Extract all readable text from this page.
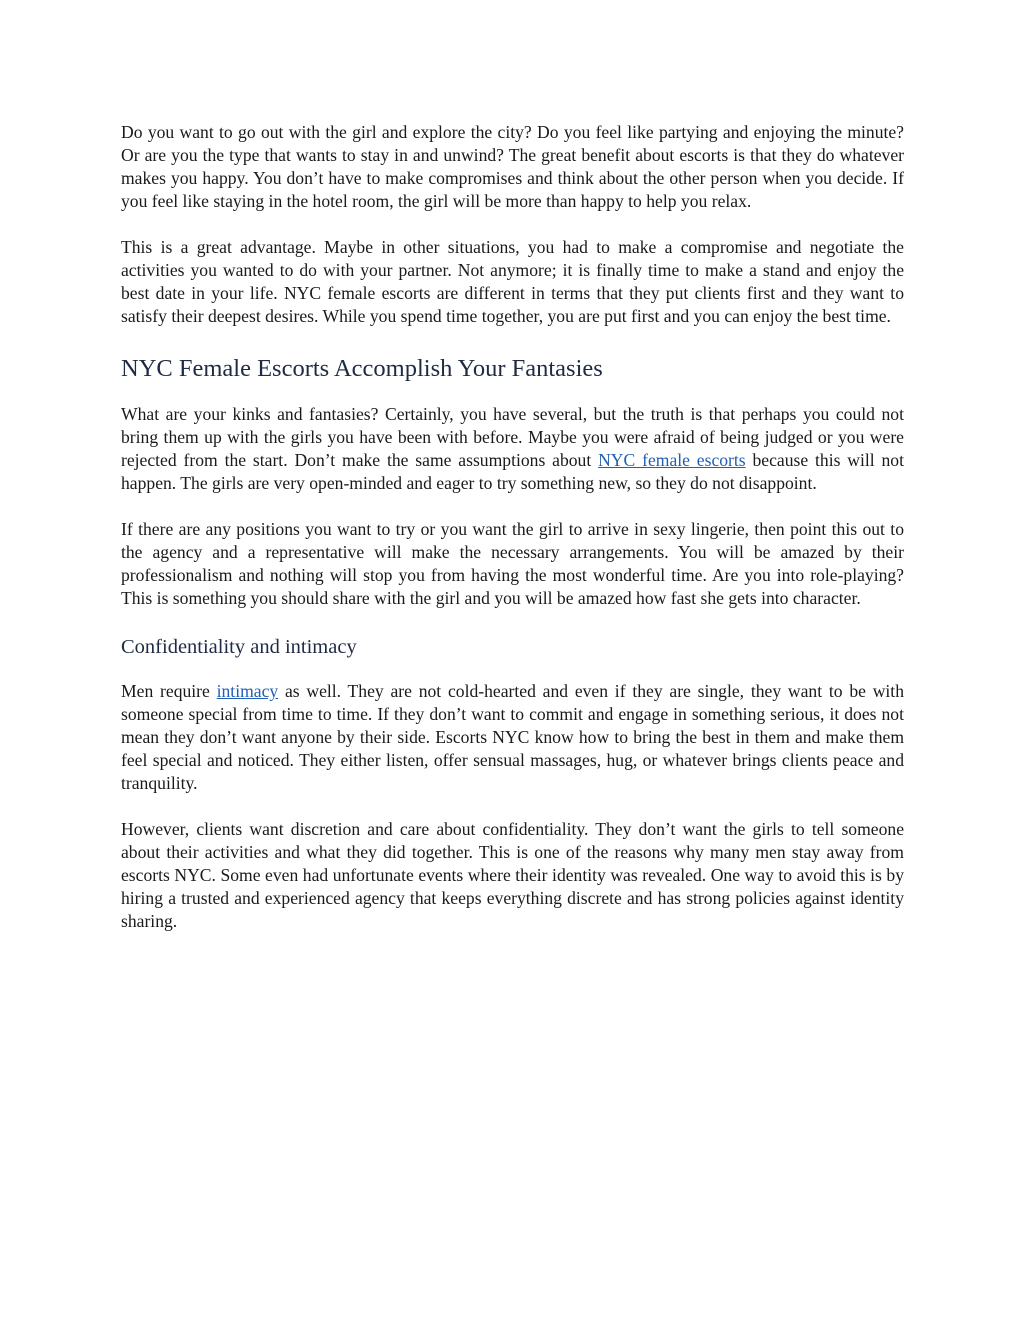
Do you want to go out with the girl and explore the city? Do you feel like partying and enjoying the minute? Or are you the type that wants to stay in and unwind? The great benefit about escorts is that they do whatever makes you happy. You don’t have to make compromises and think about the other person when you decide. If you feel like staying in the hotel room, the girl will be more than happy to help you relax.

This is a great advantage. Maybe in other situations, you had to make a compromise and negotiate the activities you wanted to do with your partner. Not anymore; it is finally time to make a stand and enjoy the best date in your life. NYC female escorts are different in terms that they put clients first and they want to satisfy their deepest desires. While you spend time together, you are put first and you can enjoy the best time.

NYC Female Escorts Accomplish Your Fantasies

What are your kinks and fantasies? Certainly, you have several, but the truth is that perhaps you could not bring them up with the girls you have been with before. Maybe you were afraid of being judged or you were rejected from the start. Don’t make the same assumptions about NYC female escorts because this will not happen. The girls are very open-minded and eager to try something new, so they do not disappoint.

If there are any positions you want to try or you want the girl to arrive in sexy lingerie, then point this out to the agency and a representative will make the necessary arrangements. You will be amazed by their professionalism and nothing will stop you from having the most wonderful time. Are you into role-playing? This is something you should share with the girl and you will be amazed how fast she gets into character.

Confidentiality and intimacy

Men require intimacy as well. They are not cold-hearted and even if they are single, they want to be with someone special from time to time. If they don’t want to commit and engage in something serious, it does not mean they don’t want anyone by their side. Escorts NYC know how to bring the best in them and make them feel special and noticed. They either listen, offer sensual massages, hug, or whatever brings clients peace and tranquility.

However, clients want discretion and care about confidentiality. They don’t want the girls to tell someone about their activities and what they did together. This is one of the reasons why many men stay away from escorts NYC. Some even had unfortunate events where their identity was revealed. One way to avoid this is by hiring a trusted and experienced agency that keeps everything discrete and has strong policies against identity sharing.
